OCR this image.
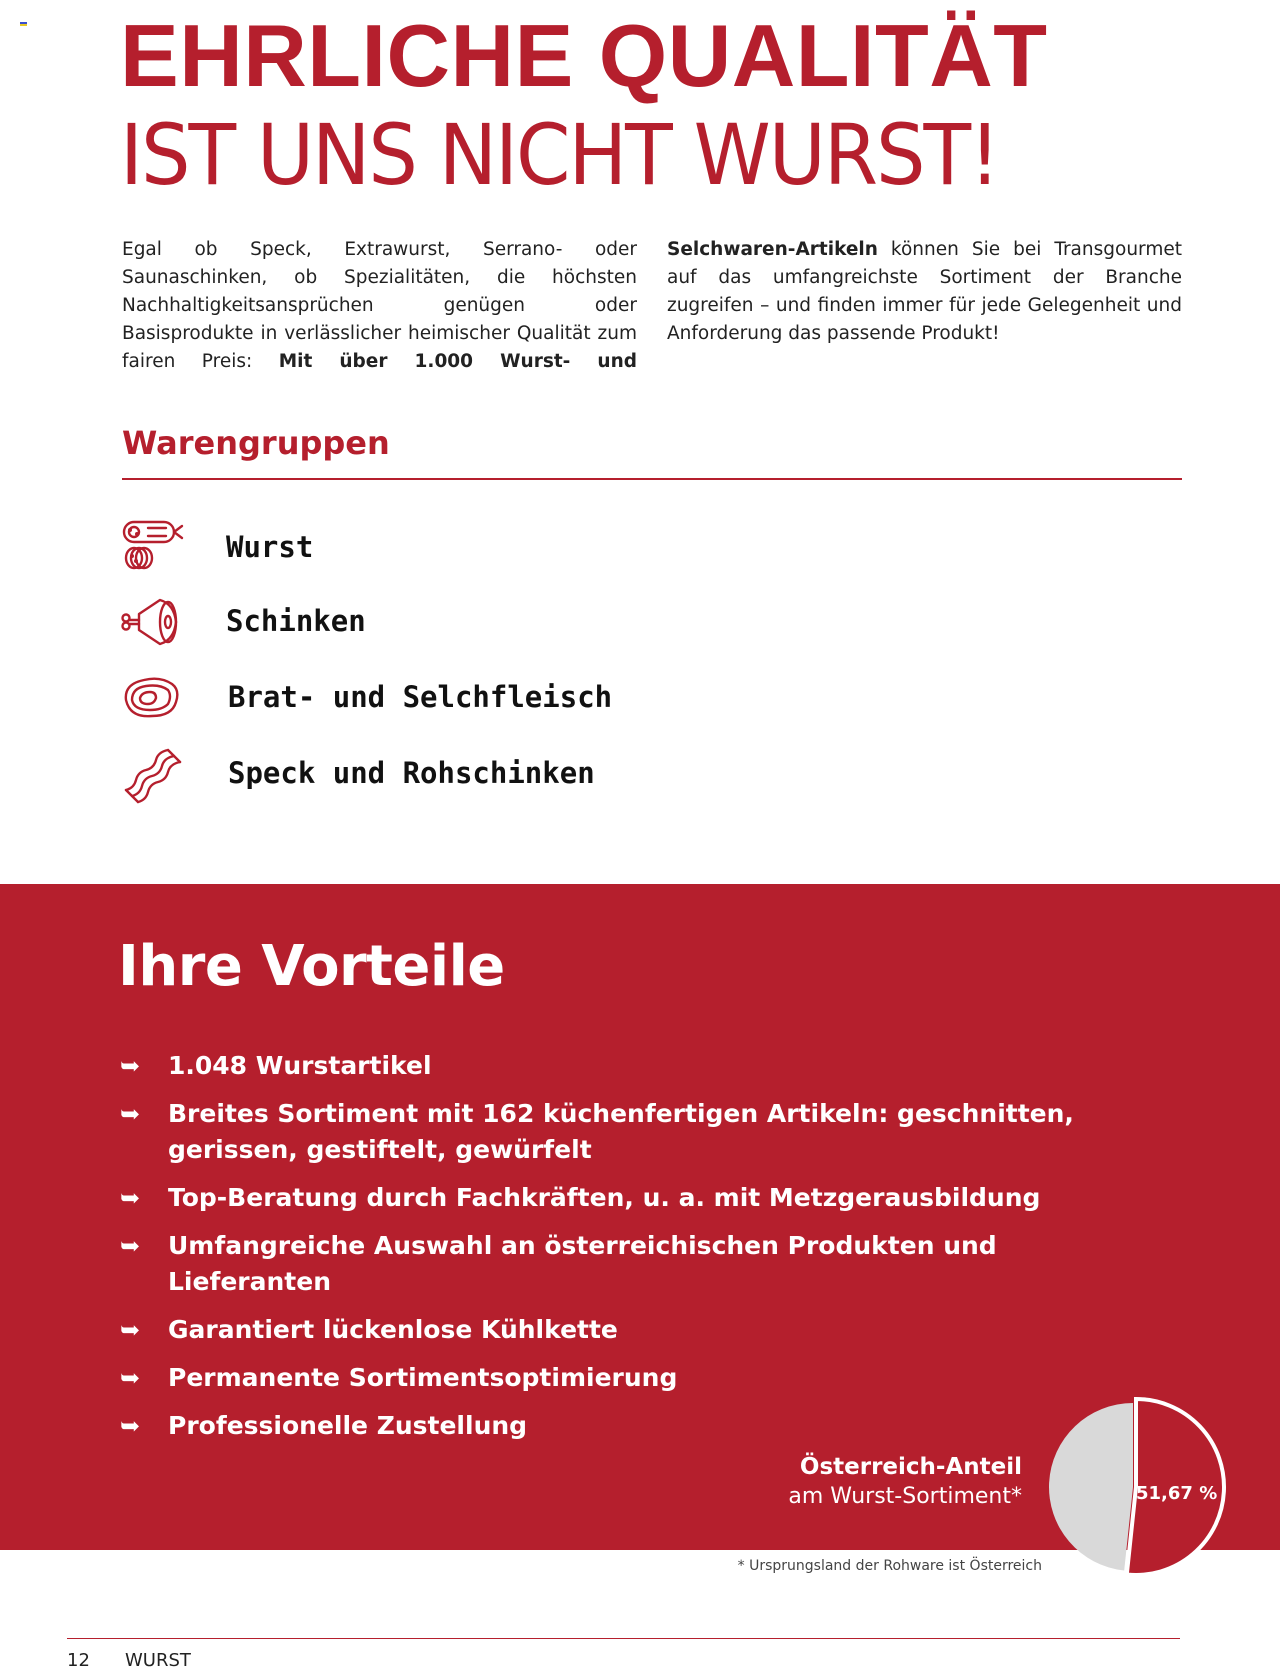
EHRLICHE QUALITÄT
IST UNS NICHT WURST!
Egal ob Speck, Extrawurst, Serrano- oder Saunaschinken, ob Spezialitäten, die höchsten Nachhaltigkeitsansprüchen genügen oder Basisprodukte in verlässlicher heimischer Qualität zum fairen Preis: Mit über 1.000 Wurst- und Selchwaren-Artikeln können Sie bei Transgourmet auf das umfangreichste Sortiment der Branche zugreifen – und finden immer für jede Gelegenheit und Anforderung das passende Produkt!
Warengruppen
Wurst
Schinken
Brat- und Selchfleisch
Speck und Rohschinken
Ihre Vorteile
➥ 1.048 Wurstartikel
➥ Breites Sortiment mit 162 küchenfertigen Artikeln: geschnitten, gerissen, gestiftelt, gewürfelt
➥ Top-Beratung durch Fachkräften, u. a. mit Metzgerausbildung
➥ Umfangreiche Auswahl an österreichischen Produkten und Lieferanten
➥ Garantiert lückenlose Kühlkette
➥ Permanente Sortimentsoptimierung
➥ Professionelle Zustellung
Österreich-Anteil
am Wurst-Sortiment*	51,67 %
* Ursprungsland der Rohware ist Österreich
12 WURST
